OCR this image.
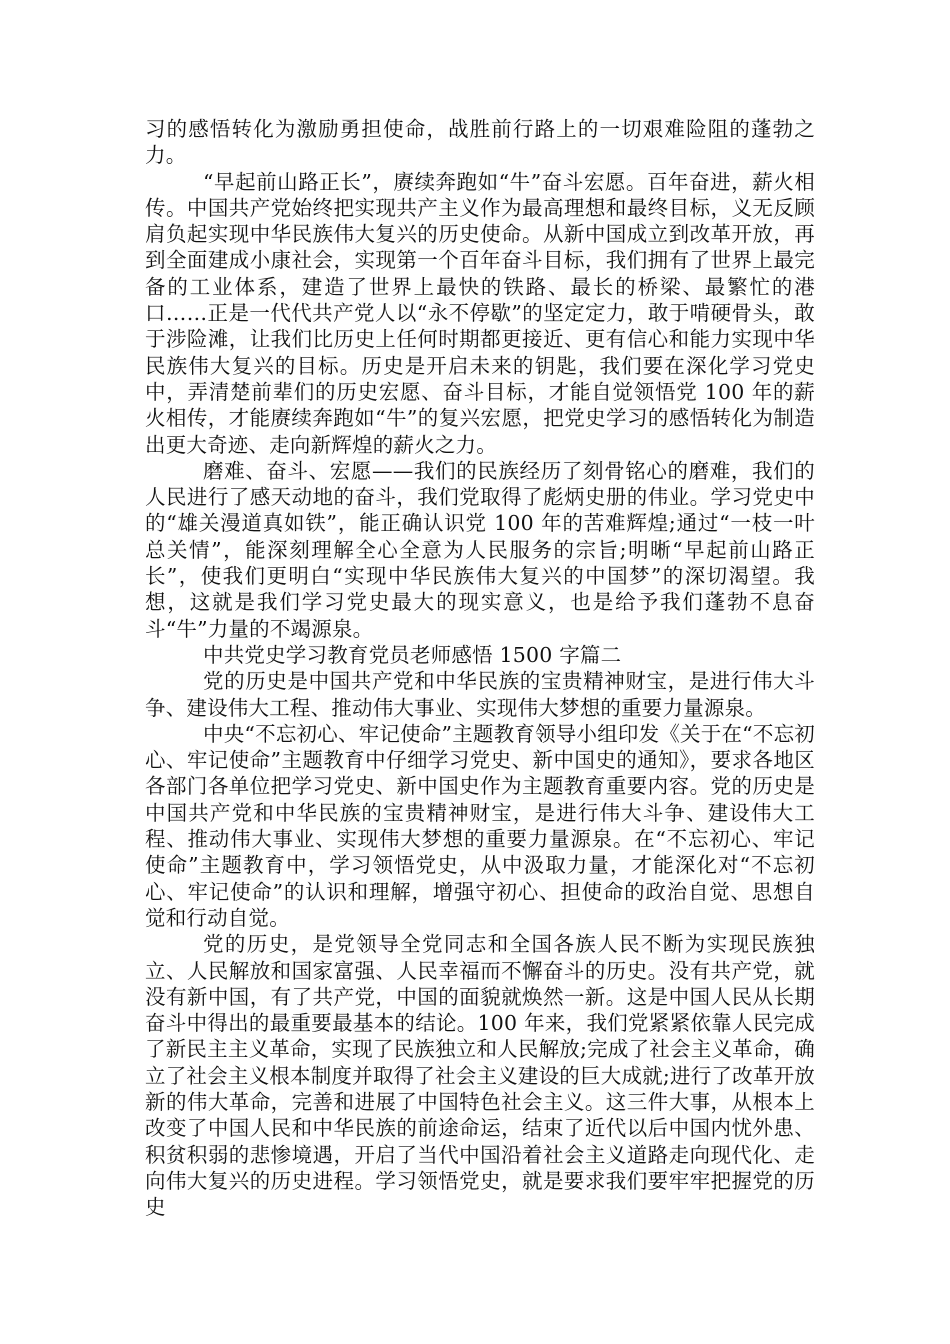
习的感悟转化为激励勇担使命，战胜前行路上的一切艰难险阻的蓬勃之力。

“早起前山路正长”，赓续奔跑如“牛”奋斗宏愿。百年奋进，薪火相传。中国共产党始终把实现共产主义作为最高理想和最终目标，义无反顾肩负起实现中华民族伟大复兴的历史使命。从新中国成立到改革开放，再到全面建成小康社会，实现第一个百年奋斗目标，我们拥有了世界上最完备的工业体系，建造了世界上最快的铁路、最长的桥梁、最繁忙的港口……正是一代代共产党人以“永不停歇”的坚定定力，敢于啃硬骨头，敢于涉险滩，让我们比历史上任何时期都更接近、更有信心和能力实现中华民族伟大复兴的目标。历史是开启未来的钥匙，我们要在深化学习党史中，弄清楚前辈们的历史宏愿、奋斗目标，才能自觉领悟党 100 年的薪火相传，才能赓续奔跑如“牛”的复兴宏愿，把党史学习的感悟转化为制造出更大奇迹、走向新辉煌的薪火之力。

磨难、奋斗、宏愿——我们的民族经历了刻骨铭心的磨难，我们的人民进行了感天动地的奋斗，我们党取得了彪炳史册的伟业。学习党史中的“雄关漫道真如铁”，能正确认识党 100 年的苦难辉煌;通过“一枝一叶总关情”，能深刻理解全心全意为人民服务的宗旨;明晰“早起前山路正长”，使我们更明白“实现中华民族伟大复兴的中国梦”的深切渴望。我想，这就是我们学习党史最大的现实意义，也是给予我们蓬勃不息奋斗“牛”力量的不竭源泉。

中共党史学习教育党员老师感悟 1500 字篇二

党的历史是中国共产党和中华民族的宝贵精神财宝，是进行伟大斗争、建设伟大工程、推动伟大事业、实现伟大梦想的重要力量源泉。

中央“不忘初心、牢记使命”主题教育领导小组印发《关于在“不忘初心、牢记使命”主题教育中仔细学习党史、新中国史的通知》，要求各地区各部门各单位把学习党史、新中国史作为主题教育重要内容。党的历史是中国共产党和中华民族的宝贵精神财宝，是进行伟大斗争、建设伟大工程、推动伟大事业、实现伟大梦想的重要力量源泉。在“不忘初心、牢记使命”主题教育中，学习领悟党史，从中汲取力量，才能深化对“不忘初心、牢记使命”的认识和理解，增强守初心、担使命的政治自觉、思想自觉和行动自觉。

党的历史，是党领导全党同志和全国各族人民不断为实现民族独立、人民解放和国家富强、人民幸福而不懈奋斗的历史。没有共产党，就没有新中国，有了共产党，中国的面貌就焕然一新。这是中国人民从长期奋斗中得出的最重要最基本的结论。100 年来，我们党紧紧依靠人民完成了新民主主义革命，实现了民族独立和人民解放;完成了社会主义革命，确立了社会主义根本制度并取得了社会主义建设的巨大成就;进行了改革开放新的伟大革命，完善和进展了中国特色社会主义。这三件大事，从根本上改变了中国人民和中华民族的前途命运，结束了近代以后中国内忧外患、积贫积弱的悲惨境遇，开启了当代中国沿着社会主义道路走向现代化、走向伟大复兴的历史进程。学习领悟党史，就是要求我们要牢牢把握党的历史
